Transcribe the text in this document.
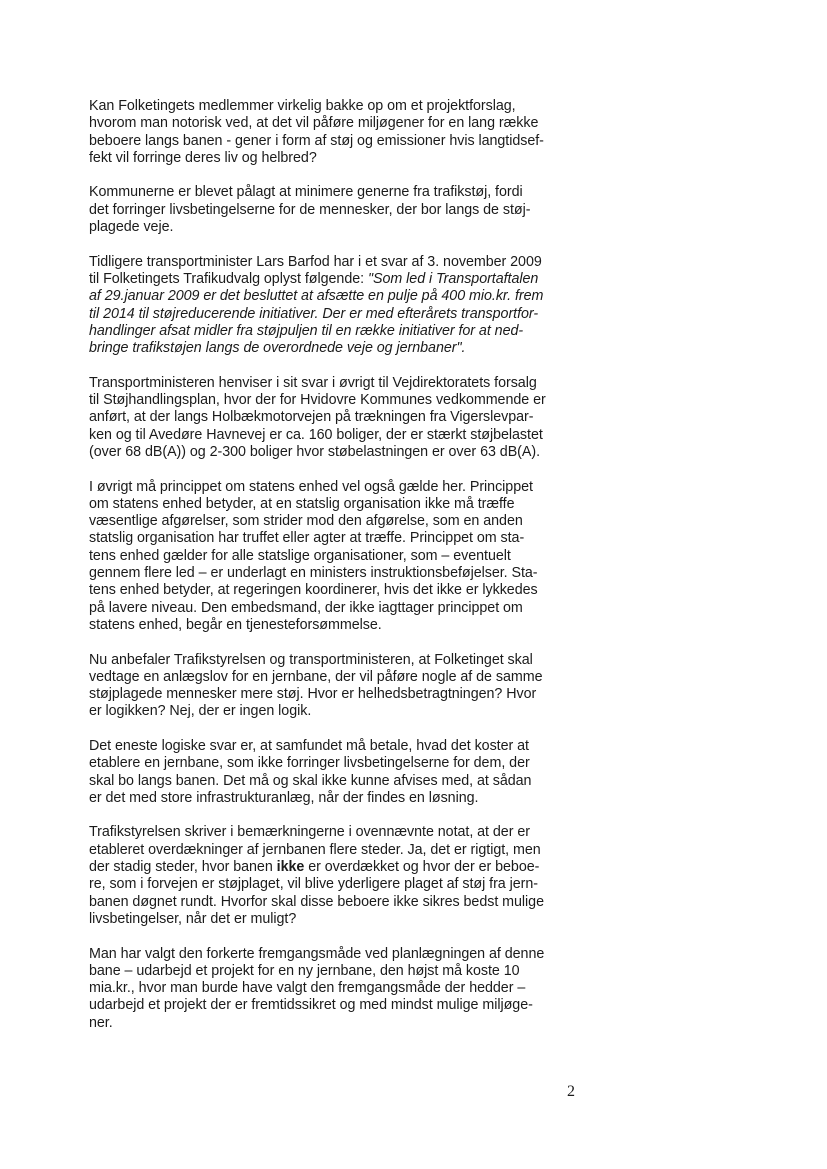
Kan Folketingets medlemmer virkelig bakke op om et projektforslag,
hvorom man notorisk ved, at det vil påføre miljøgener for en lang række
beboere langs banen - gener i form af støj og emissioner hvis langtidsef-
fekt vil forringe deres liv og helbred?
Kommunerne er blevet pålagt at minimere generne fra trafikstøj, fordi
det forringer livsbetingelserne for de mennesker, der bor langs de støj-
plagede veje.
Tidligere transportminister Lars Barfod har i et svar af 3. november 2009
til Folketingets Trafikudvalg oplyst følgende: "Som led i Transportaftalen
af 29.januar 2009 er det besluttet at afsætte en pulje på 400 mio.kr. frem
til 2014 til støjreducerende initiativer. Der er med efterårets transportfor-
handlinger afsat midler fra støjpuljen til en række initiativer for at ned-
bringe trafikstøjen langs de overordnede veje og jernbaner".
Transportministeren henviser i sit svar i øvrigt til Vejdirektoratets forsalg
til Støjhandlingsplan, hvor der for Hvidovre Kommunes vedkommende er
anført, at der langs Holbækmotorvejen på trækningen fra Vigerslevpar-
ken og til Avedøre Havnevej er ca. 160 boliger, der er stærkt støjbelastet
(over 68 dB(A)) og 2-300 boliger hvor støbelastningen er over 63 dB(A).
I øvrigt må princippet om statens enhed vel også gælde her. Princippet
om statens enhed betyder, at en statslig organisation ikke må træffe
væsentlige afgørelser, som strider mod den afgørelse, som en anden
statslig organisation har truffet eller agter at træffe. Princippet om sta-
tens enhed gælder for alle statslige organisationer, som – eventuelt
gennem flere led – er underlagt en ministers instruktionsbeføjelser. Sta-
tens enhed betyder, at regeringen koordinerer, hvis det ikke er lykkedes
på lavere niveau. Den embedsmand, der ikke iagttager princippet om
statens enhed, begår en tjenesteforsømmelse.
Nu anbefaler Trafikstyrelsen og transportministeren, at Folketinget skal
vedtage en anlægslov for en jernbane, der vil påføre nogle af de samme
støjplagede mennesker mere støj. Hvor er helhedsbetragtningen? Hvor
er logikken? Nej, der er ingen logik.
Det eneste logiske svar er, at samfundet må betale, hvad det koster at
etablere en jernbane, som ikke forringer livsbetingelserne for dem, der
skal bo langs banen. Det må og skal ikke kunne afvises med, at sådan
er det med store infrastrukturanlæg, når der findes en løsning.
Trafikstyrelsen skriver i bemærkningerne i ovennævnte notat, at der er
etableret overdækninger af jernbanen flere steder. Ja, det er rigtigt, men
der stadig steder, hvor banen ikke er overdækket og hvor der er beboe-
re, som i forvejen er støjplaget, vil blive yderligere plaget af støj fra jern-
banen døgnet rundt. Hvorfor skal disse beboere ikke sikres bedst mulige
livsbetingelser, når det er muligt?
Man har valgt den forkerte fremgangsmåde ved planlægningen af denne
bane – udarbejd et projekt for en ny jernbane, den højst må koste 10
mia.kr., hvor man burde have valgt den fremgangsmåde der hedder –
udarbejd et projekt der er fremtidssikret og med mindst mulige miljøge-
ner.
2
